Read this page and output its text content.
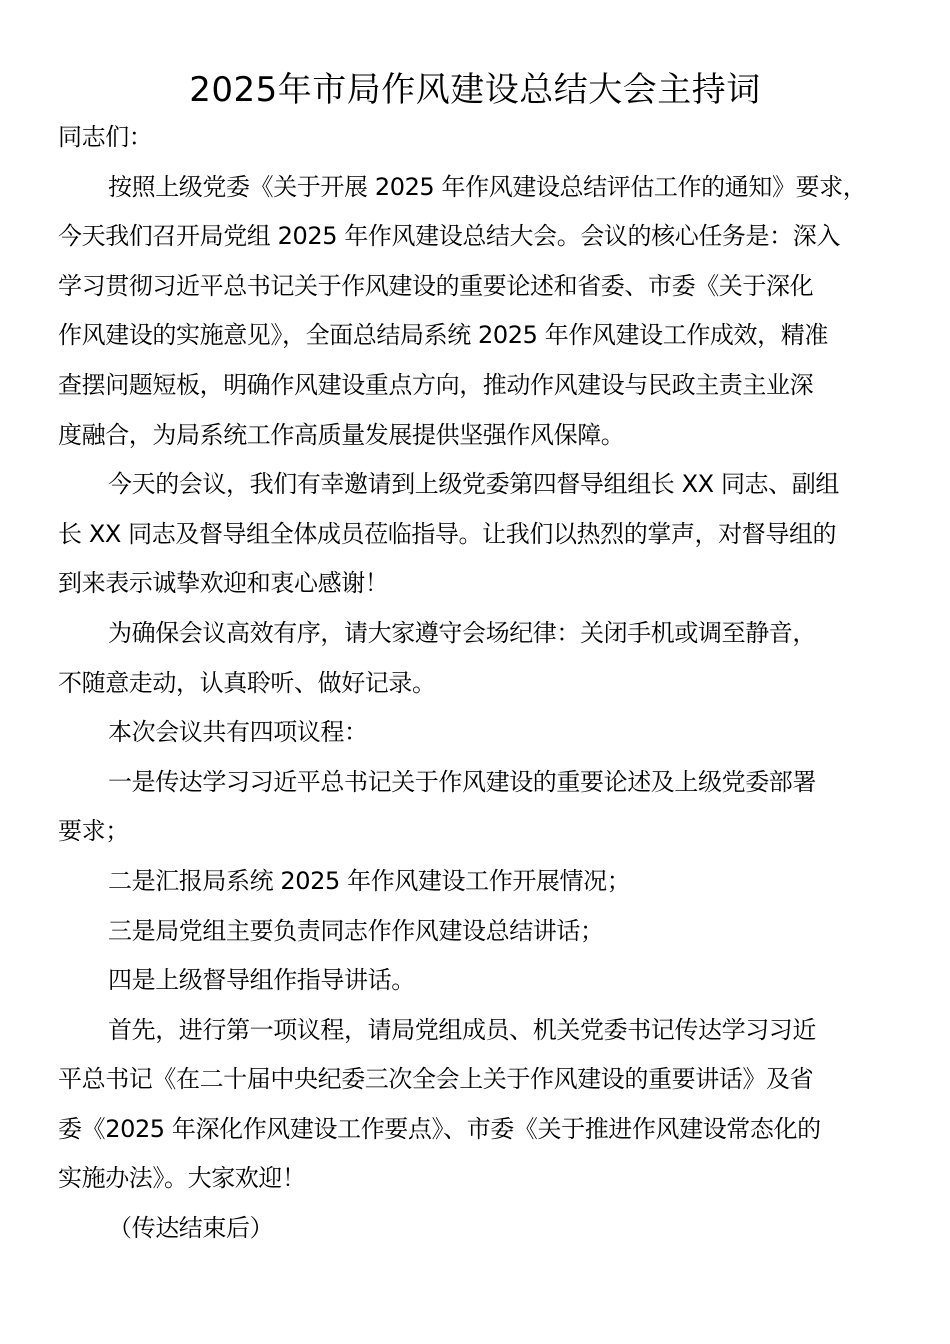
2025年市局作风建设总结大会主持词
同志们：
按照上级党委《关于开展 2025 年作风建设总结评估工作的通知》要求，
今天我们召开局党组 2025 年作风建设总结大会。会议的核心任务是：深入
学习贯彻习近平总书记关于作风建设的重要论述和省委、市委《关于深化
作风建设的实施意见》，全面总结局系统 2025 年作风建设工作成效，精准
查摆问题短板，明确作风建设重点方向，推动作风建设与民政主责主业深
度融合，为局系统工作高质量发展提供坚强作风保障。
今天的会议，我们有幸邀请到上级党委第四督导组组长 XX 同志、副组
长 XX 同志及督导组全体成员莅临指导。让我们以热烈的掌声，对督导组的
到来表示诚挚欢迎和衷心感谢！
为确保会议高效有序，请大家遵守会场纪律：关闭手机或调至静音，
不随意走动，认真聆听、做好记录。
本次会议共有四项议程：
一是传达学习习近平总书记关于作风建设的重要论述及上级党委部署
要求；
二是汇报局系统 2025 年作风建设工作开展情况；
三是局党组主要负责同志作作风建设总结讲话；
四是上级督导组作指导讲话。
首先，进行第一项议程，请局党组成员、机关党委书记传达学习习近
平总书记《在二十届中央纪委三次全会上关于作风建设的重要讲话》及省
委《2025 年深化作风建设工作要点》、市委《关于推进作风建设常态化的
实施办法》。大家欢迎！
（传达结束后）
